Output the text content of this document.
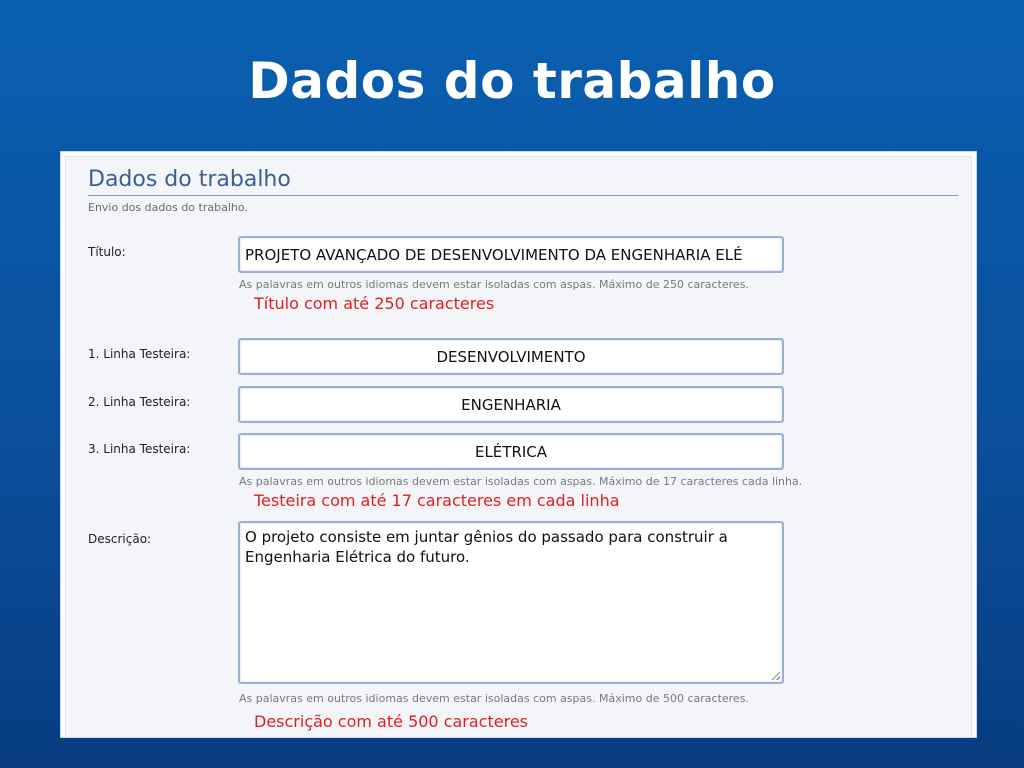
Dados do trabalho
Dados do trabalho
Envio dos dados do trabalho.
Título:	PROJETO AVANÇADO DE DESENVOLVIMENTO DA ENGENHARIA ELÉ
As palavras em outros idiomas devem estar isoladas com aspas. Máximo de 250 caracteres.
Título com até 250 caracteres
1. Linha Testeira:	DESENVOLVIMENTO
2. Linha Testeira:	ENGENHARIA
3. Linha Testeira:	ELÉTRICA
As palavras em outros idiomas devem estar isoladas com aspas. Máximo de 17 caracteres cada linha.
Testeira com até 17 caracteres em cada linha
Descrição:	O projeto consiste em juntar gênios do passado para construir a Engenharia Elétrica do futuro.
As palavras em outros idiomas devem estar isoladas com aspas. Máximo de 500 caracteres.
Descrição com até 500 caracteres
